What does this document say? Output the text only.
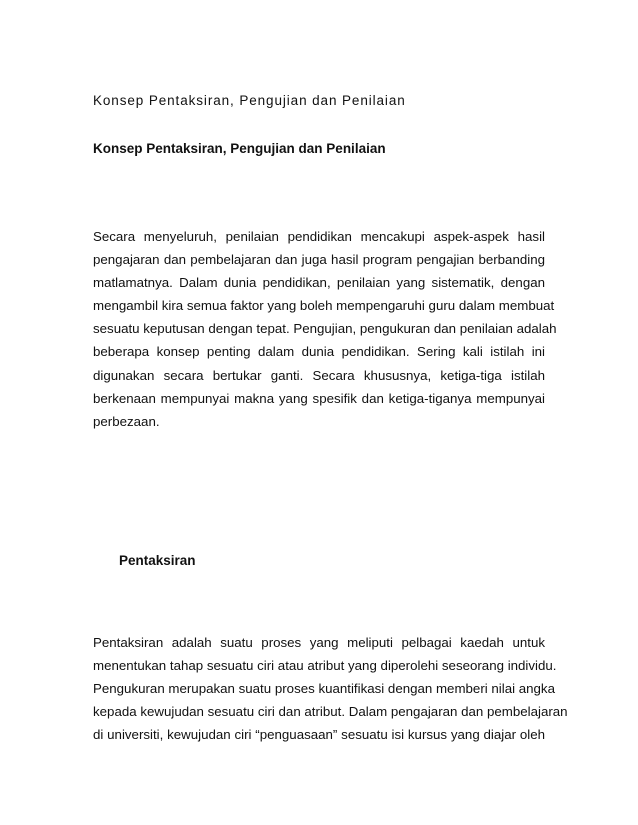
Konsep Pentaksiran, Pengujian dan Penilaian
Konsep Pentaksiran, Pengujian dan Penilaian

Secara menyeluruh, penilaian pendidikan mencakupi aspek-aspek hasil
pengajaran dan pembelajaran dan juga hasil program pengajian berbanding
matlamatnya. Dalam dunia pendidikan, penilaian yang sistematik, dengan
mengambil kira semua faktor yang boleh mempengaruhi guru dalam membuat
sesuatu keputusan dengan tepat. Pengujian, pengukuran dan penilaian adalah
beberapa konsep penting dalam dunia pendidikan. Sering kali istilah ini
digunakan secara bertukar ganti. Secara khususnya, ketiga-tiga istilah
berkenaan mempunyai makna yang spesifik dan ketiga-tiganya mempunyai
perbezaan.

Pentaksiran

Pentaksiran adalah suatu proses yang meliputi pelbagai kaedah untuk
menentukan tahap sesuatu ciri atau atribut yang diperolehi seseorang individu.
Pengukuran merupakan suatu proses kuantifikasi dengan memberi nilai angka
kepada kewujudan sesuatu ciri dan atribut. Dalam pengajaran dan pembelajaran
di universiti, kewujudan ciri “penguasaan” sesuatu isi kursus yang diajar oleh
